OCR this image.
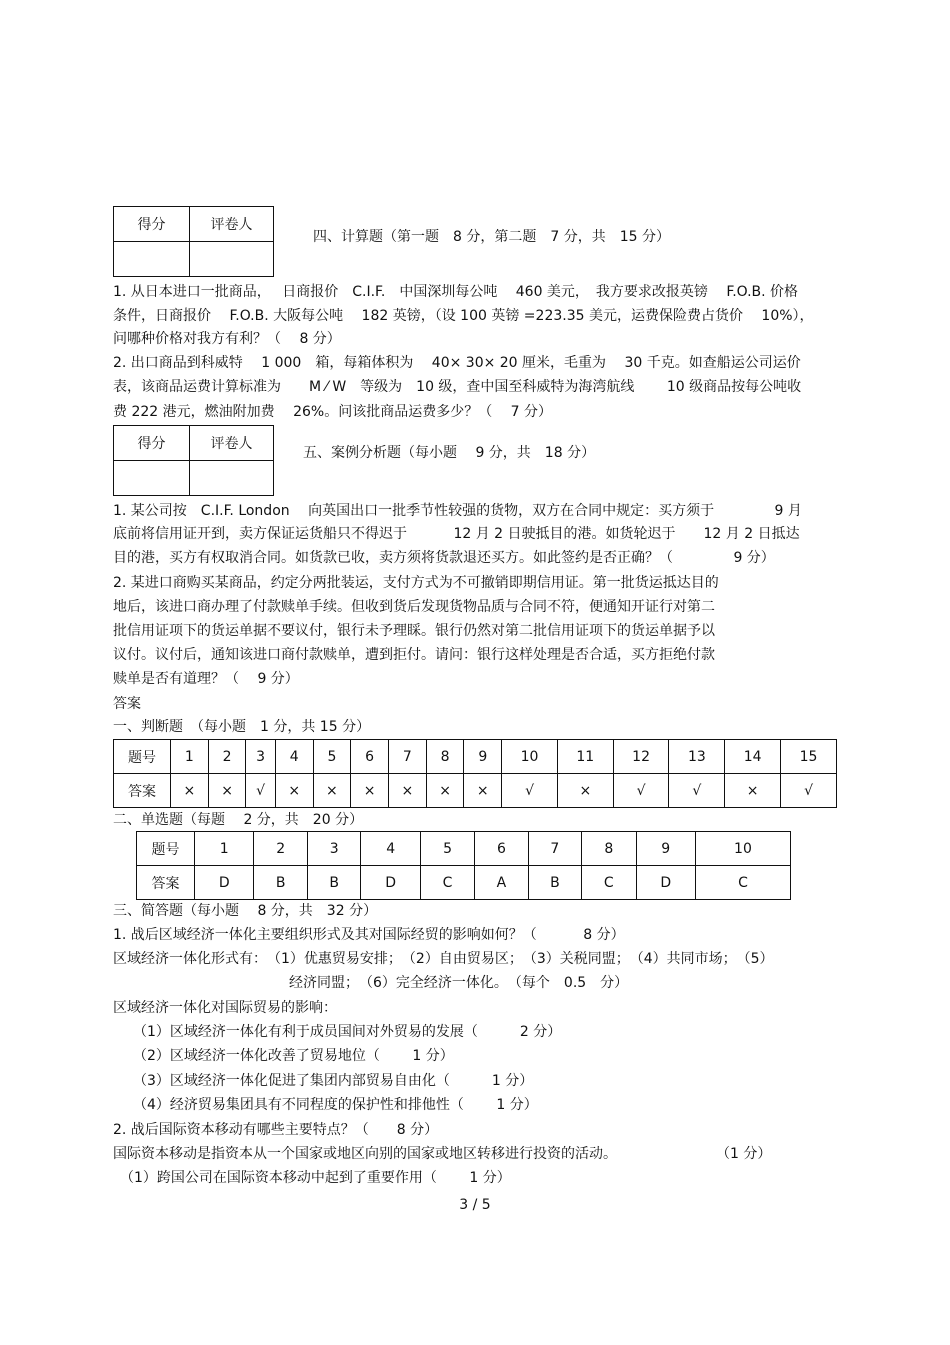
得分	评卷人

四、计算题（第一题　8 分，第二题　7 分，共　15 分）
1. 从日本进口一批商品，　 日商报价　C.I.F.　中国深圳每公吨　 460 美元，　我方要求改报英镑　 F.O.B. 价格
条件，日商报价　 F.O.B. 大阪每公吨　 182 英镑，（设 100 英镑 =223.35 美元，运费保险费占货价　 10%），
问哪种价格对我方有利？（　 8 分）
2. 出口商品到科威特　 1 000　箱，每箱体积为　 40× 30× 20 厘米，毛重为　 30 千克。如查船运公司运价
表，该商品运费计算标准为　　M ⁄ W　等级为　10 级，查中国至科威特为海湾航线　　 10 级商品按每公吨收
费 222 港元，燃油附加费　 26%。问该批商品运费多少？（　 7 分）
得分	评卷人

五、案例分析题（每小题　 9 分，共　18 分）
1. 某公司按　C.I.F. London　 向英国出口一批季节性较强的货物，双方在合同中规定：买方须于　　　　 9 月
底前将信用证开到，卖方保证运货船只不得迟于　　　 12 月 2 日驶抵目的港。如货轮迟于　　12 月 2 日抵达
目的港，买方有权取消合同。如货款已收，卖方须将货款退还买方。如此签约是否正确？（　　　　 9 分）
2. 某进口商购买某商品，约定分两批装运，支付方式为不可撤销即期信用证。第一批货运抵达目的
地后，该进口商办理了付款赎单手续。但收到货后发现货物品质与合同不符，便通知开证行对第二
批信用证项下的货运单据不要议付，银行未予理睬。银行仍然对第二批信用证项下的货运单据予以
议付。议付后，通知该进口商付款赎单，遭到拒付。请问：银行这样处理是否合适，买方拒绝付款
赎单是否有道理？（　 9 分）
答案
一、判断题　（每小题　1 分，共 15 分）
题号	1	2	3	4	5	6	7	8	9	10	11	12	13	14	15
答案	×	×	√	×	×	×	×	×	×	√	×	√	√	×	√
二、单选题（每题　 2 分，共　20 分）
题号	1	2	3	4	5	6	7	8	9	10
答案	D	B	B	D	C	A	B	C	D	C
三、简答题（每小题　 8 分，共　32 分）
1. 战后区域经济一体化主要组织形式及其对国际经贸的影响如何？（　　　 8 分）
区域经济一体化形式有：　（1）优惠贸易安排；　（2）自由贸易区；　（3）关税同盟；　（4）共同市场；　（5）
经济同盟；　（6）完全经济一体化。　（每个　0.5　分）
区域经济一体化对国际贸易的影响：
（1）区域经济一体化有利于成员国间对外贸易的发展（　　　2 分）
（2）区域经济一体化改善了贸易地位（　　 1 分）
（3）区域经济一体化促进了集团内部贸易自由化（　　　1 分）
（4）经济贸易集团具有不同程度的保护性和排他性（　　 1 分）
2. 战后国际资本移动有哪些主要特点？（　　8 分）
国际资本移动是指资本从一个国家或地区向别的国家或地区转移进行投资的活动。	（1 分）
（1）跨国公司在国际资本移动中起到了重要作用（　　 1 分）
3 / 5
